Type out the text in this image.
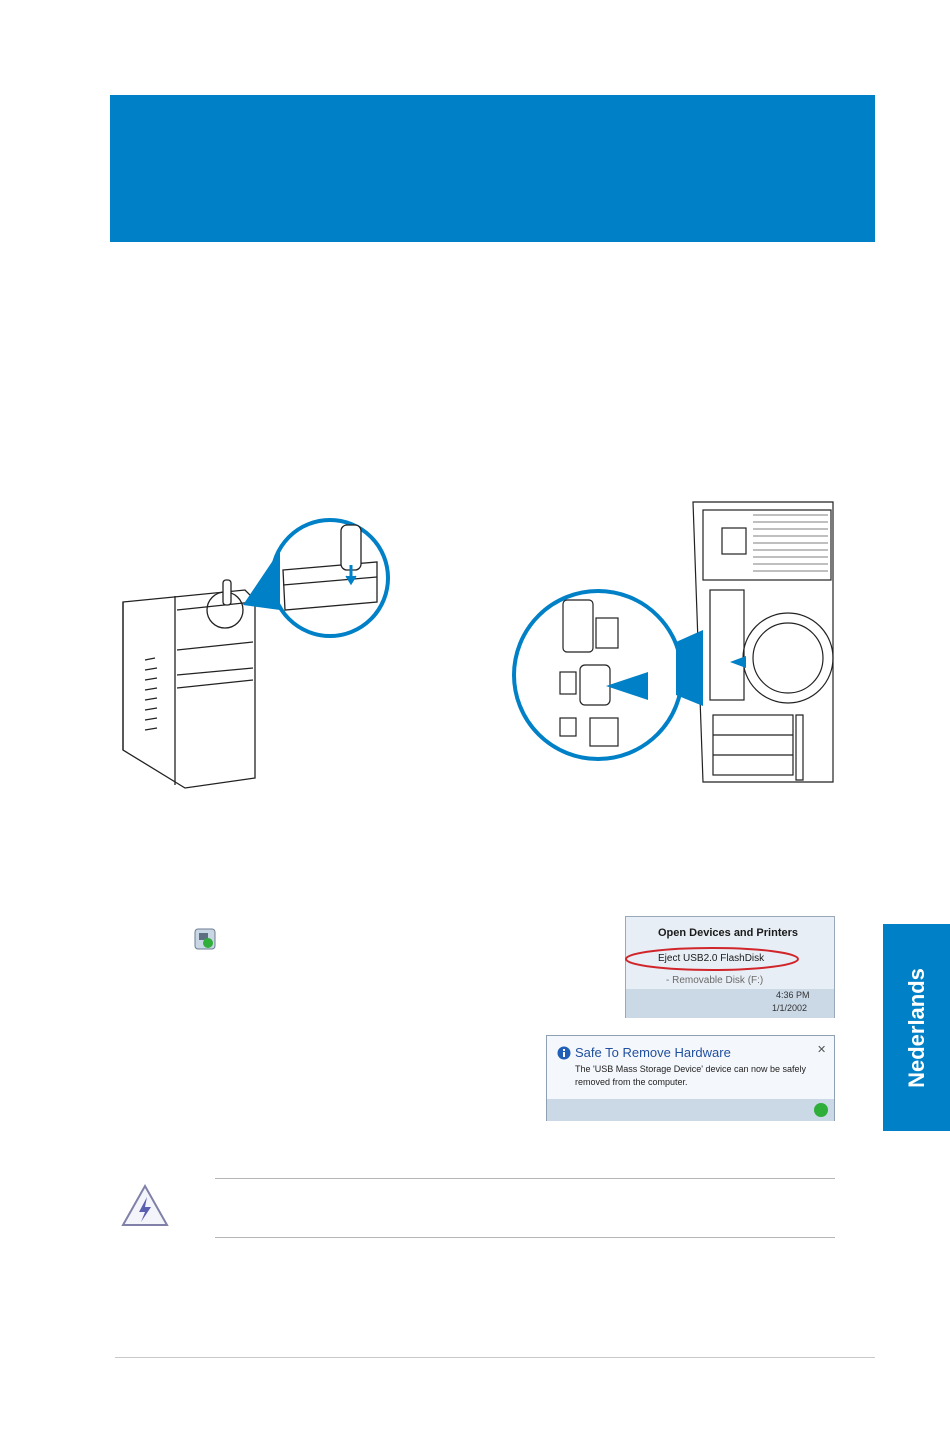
Open Devices and Printers
Eject USB2.0 FlashDisk
- Removable Disk (F:)
4:36 PM
1/1/2002
Safe To Remove Hardware	✕
The 'USB Mass Storage Device' device can now be safely
removed from the computer.	Nederlands
